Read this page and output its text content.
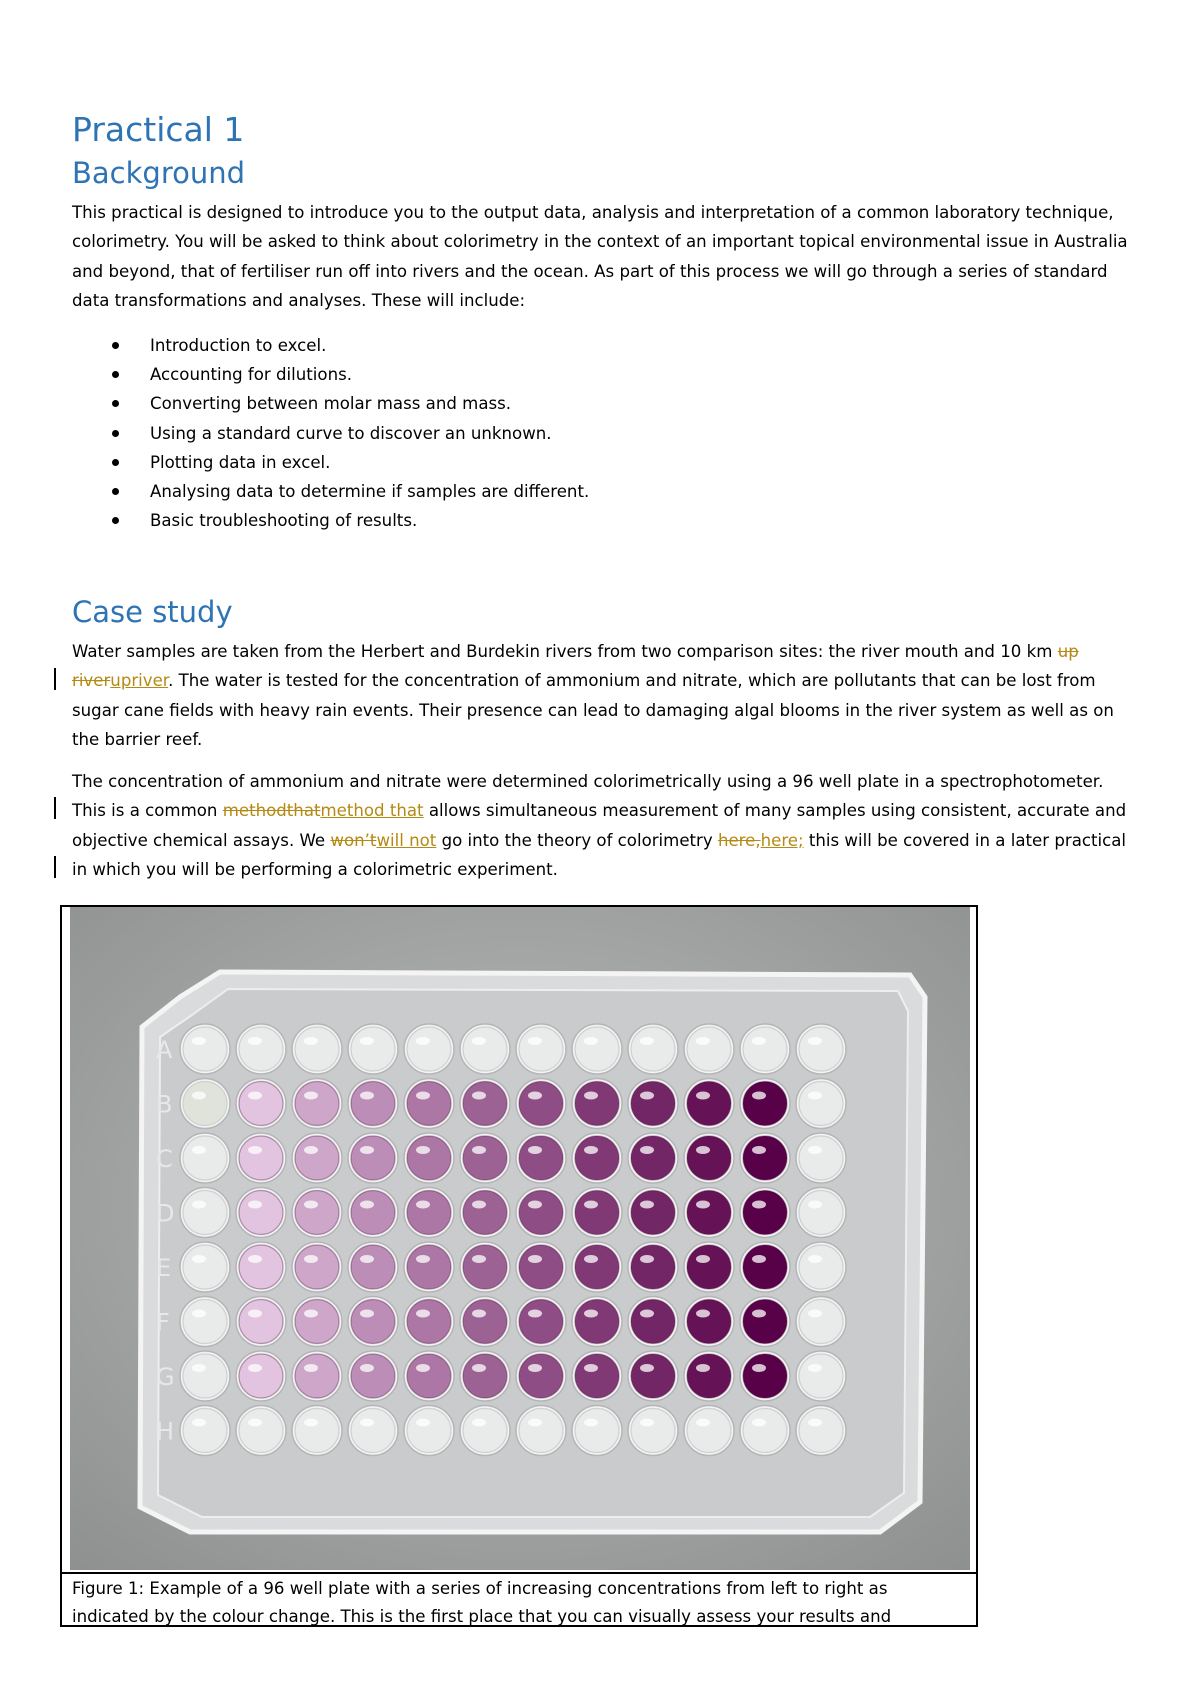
Practical 1
Background

This practical is designed to introduce you to the output data, analysis and interpretation of a common laboratory technique, colorimetry. You will be asked to think about colorimetry in the context of an important topical environmental issue in Australia and beyond, that of fertiliser run off into rivers and the ocean. As part of this process we will go through a series of standard data transformations and analyses. These will include:

Introduction to excel.
Accounting for dilutions.
Converting between molar mass and mass.
Using a standard curve to discover an unknown.
Plotting data in excel.
Analysing data to determine if samples are different.
Basic troubleshooting of results.
Case study

Water samples are taken from the Herbert and Burdekin rivers from two comparison sites: the river mouth and 10 km up riverupriver. The water is tested for the concentration of ammonium and nitrate, which are pollutants that can be lost from sugar cane fields with heavy rain events. Their presence can lead to damaging algal blooms in the river system as well as on the barrier reef.

The concentration of ammonium and nitrate were determined colorimetrically using a 96 well plate in a spectrophotometer. This is a common methodthatmethod that allows simultaneous measurement of many samples using consistent, accurate and objective chemical assays. We won’twill not go into the theory of colorimetry here,here; this will be covered in a later practical in which you will be performing a colorimetric experiment.

A
B
C
D
E
F
G
H
Figure 1: Example of a 96 well plate with a series of increasing concentrations from left to right as indicated by the colour change. This is the first place that you can visually assess your results and
